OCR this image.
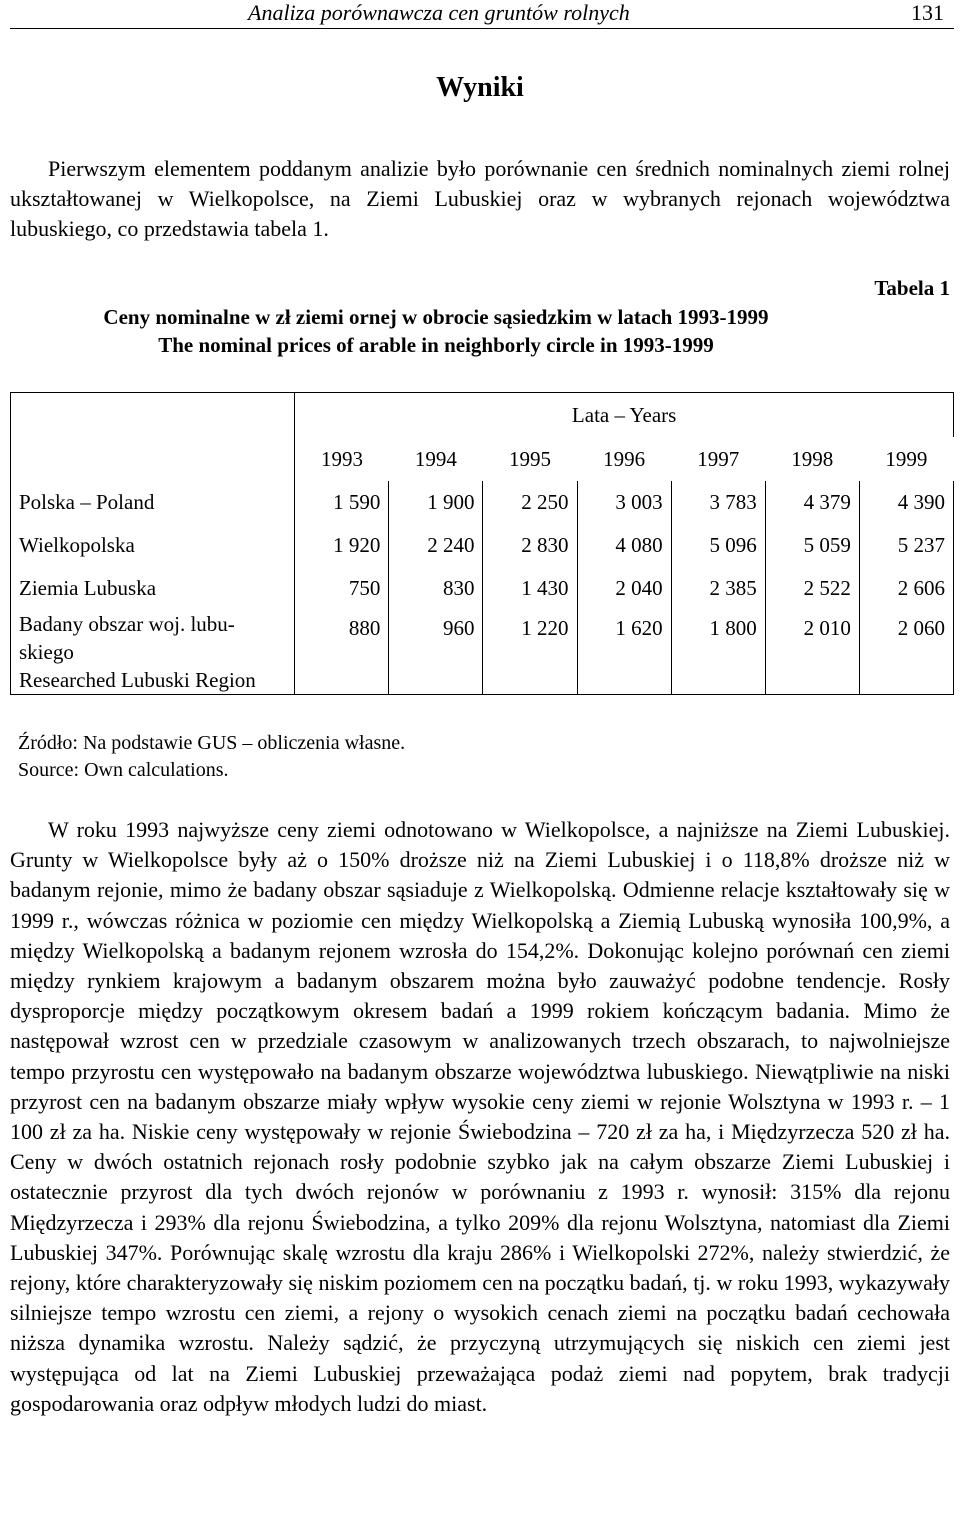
Analiza porównawcza cen gruntów rolnych	131
Wyniki
Pierwszym elementem poddanym analizie było porównanie cen średnich nominalnych ziemi rolnej ukształtowanej w Wielkopolsce, na Ziemi Lubuskiej oraz w wybranych rejonach województwa lubuskiego, co przedstawia tabela 1.
Tabela 1
Ceny nominalne w zł ziemi ornej w obrocie sąsiedzkim w latach 1993-1999
The nominal prices of arable in neighborly circle in 1993-1999
	Lata – Years						
	1993	1994	1995	1996	1997	1998	1999
Polska – Poland	1 590	1 900	2 250	3 003	3 783	4 379	4 390
Wielkopolska	1 920	2 240	2 830	4 080	5 096	5 059	5 237
Ziemia Lubuska	750	830	1 430	2 040	2 385	2 522	2 606

Badany obszar woj. lubu-
skiego
Researched Lubuski Region	880	960	1 220	1 620	1 800	2 010	2 060
Źródło: Na podstawie GUS – obliczenia własne.
Source: Own calculations.
W roku 1993 najwyższe ceny ziemi odnotowano w Wielkopolsce, a najniższe na Ziemi Lubuskiej. Grunty w Wielkopolsce były aż o 150% droższe niż na Ziemi Lubuskiej i o 118,8% droższe niż w badanym rejonie, mimo że badany obszar sąsiaduje z Wielkopolską. Odmienne relacje kształtowały się w 1999 r., wówczas różnica w poziomie cen między Wielkopolską a Ziemią Lubuską wynosiła 100,9%, a między Wielkopolską a badanym rejonem wzrosła do 154,2%. Dokonując kolejno porównań cen ziemi między rynkiem krajowym a badanym obszarem można było zauważyć podobne tendencje. Rosły dysproporcje między początkowym okresem badań a 1999 rokiem kończącym badania. Mimo że następował wzrost cen w przedziale czasowym w analizowanych trzech obszarach, to najwolniejsze tempo przyrostu cen występowało na badanym obszarze województwa lubuskiego. Niewątpliwie na niski przyrost cen na badanym obszarze miały wpływ wysokie ceny ziemi w rejonie Wolsztyna w 1993 r. – 1 100 zł za ha. Niskie ceny występowały w rejonie Świebodzina – 720 zł za ha, i Międzyrzecza 520 zł ha. Ceny w dwóch ostatnich rejonach rosły podobnie szybko jak na całym obszarze Ziemi Lubuskiej i ostatecznie przyrost dla tych dwóch rejonów w porównaniu z 1993 r. wynosił: 315% dla rejonu Międzyrzecza i 293% dla rejonu Świebodzina, a tylko 209% dla rejonu Wolsztyna, natomiast dla Ziemi Lubuskiej 347%. Porównując skalę wzrostu dla kraju 286% i Wielkopolski 272%, należy stwierdzić, że rejony, które charakteryzowały się niskim poziomem cen na początku badań, tj. w roku 1993, wykazywały silniejsze tempo wzrostu cen ziemi, a rejony o wysokich cenach ziemi na początku badań cechowała niższa dynamika wzrostu. Należy sądzić, że przyczyną utrzymujących się niskich cen ziemi jest występująca od lat na Ziemi Lubuskiej przeważająca podaż ziemi nad popytem, brak tradycji gospodarowania oraz odpływ młodych ludzi do miast.
